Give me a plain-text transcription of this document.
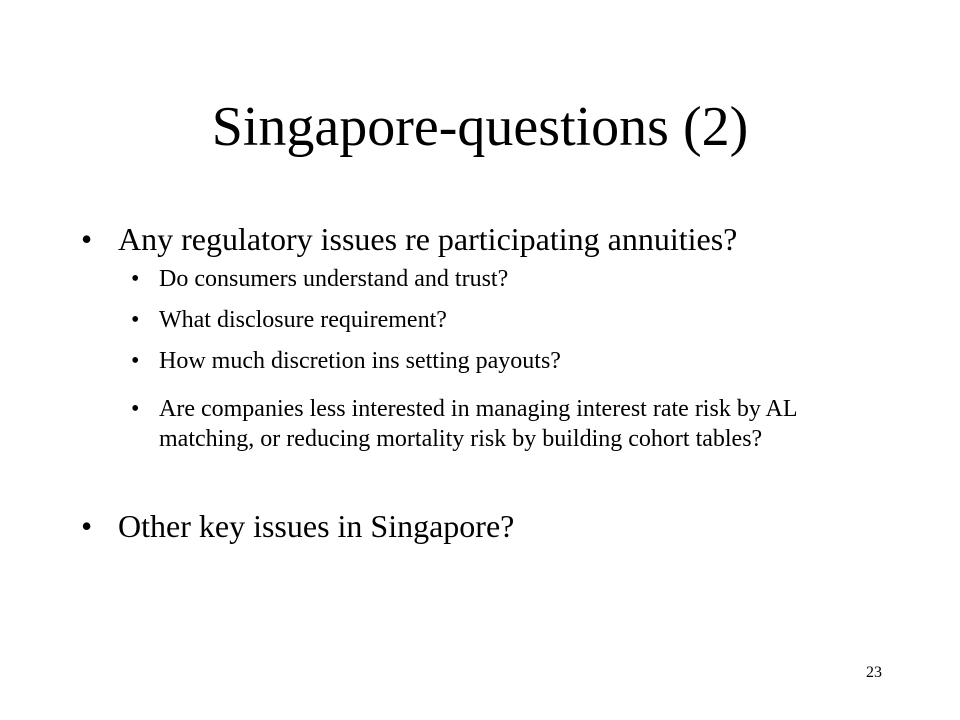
Singapore-questions (2)
• Any regulatory issues re participating annuities?
• Do consumers understand and trust?
• What disclosure requirement?
• How much discretion ins setting payouts?
• Are companies less interested in managing interest rate risk by AL matching, or reducing mortality risk by building cohort tables?
• Other key issues in Singapore?
23
